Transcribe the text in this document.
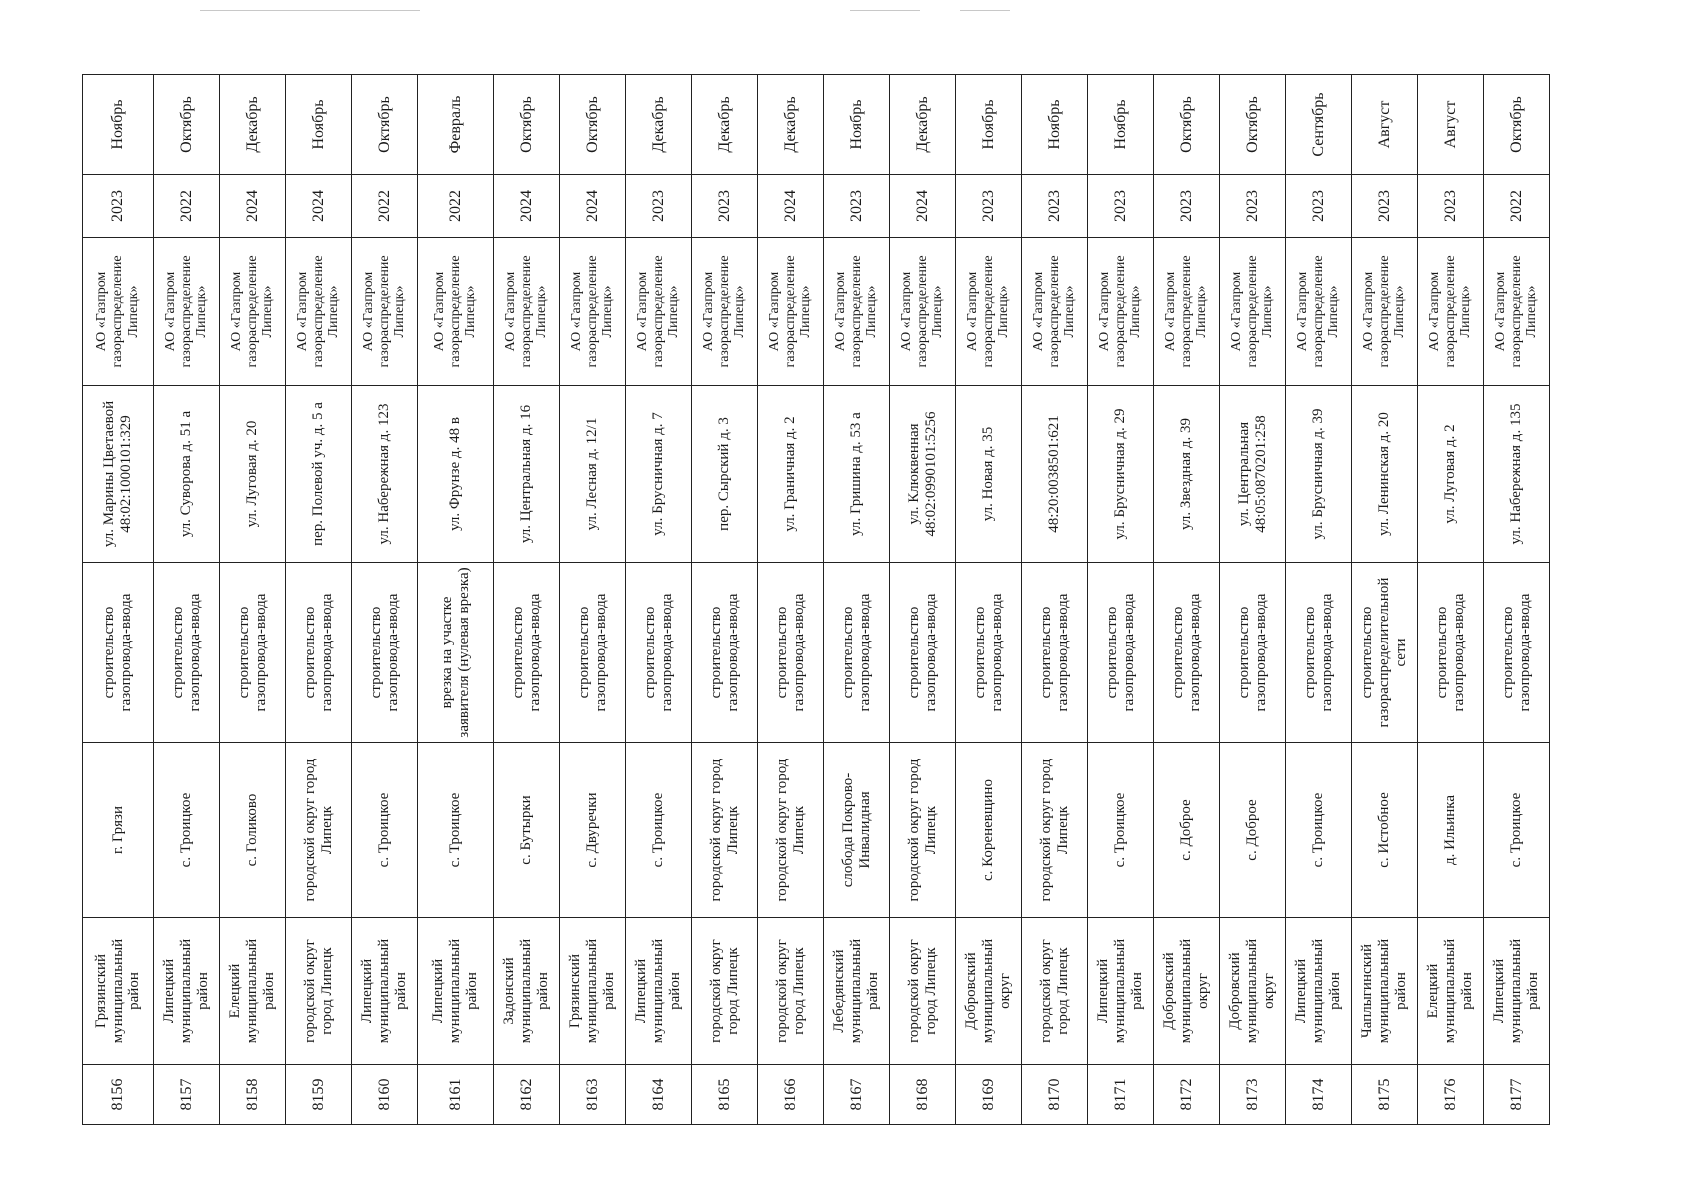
8156	Грязинский муниципальный район	г. Грязи	строительство газопровода-ввода	ул. Марины Цветаевой 48:02:1000101:329	АО «Газпром газораспределение Липецк»	2023	Ноябрь
8157	Липецкий муниципальный район	с. Троицкое	строительство газопровода-ввода	ул. Суворова д. 51 а	АО «Газпром газораспределение Липецк»	2022	Октябрь
8158	Елецкий муниципальный район	с. Голиково	строительство газопровода-ввода	ул. Луговая д. 20	АО «Газпром газораспределение Липецк»	2024	Декабрь
8159	городской округ город Липецк	городской округ город Липецк	строительство газопровода-ввода	пер. Полевой уч. д. 5 а	АО «Газпром газораспределение Липецк»	2024	Ноябрь
8160	Липецкий муниципальный район	с. Троицкое	строительство газопровода-ввода	ул. Набережная д. 123	АО «Газпром газораспределение Липецк»	2022	Октябрь
8161	Липецкий муниципальный район	с. Троицкое	врезка на участке заявителя (нулевая врезка)	ул. Фрунзе д. 48 в	АО «Газпром газораспределение Липецк»	2022	Февраль
8162	Задонский муниципальный район	с. Бутырки	строительство газопровода-ввода	ул. Центральная д. 16	АО «Газпром газораспределение Липецк»	2024	Октябрь
8163	Грязинский муниципальный район	с. Двуречки	строительство газопровода-ввода	ул. Лесная д. 12/1	АО «Газпром газораспределение Липецк»	2024	Октябрь
8164	Липецкий муниципальный район	с. Троицкое	строительство газопровода-ввода	ул. Брусничная д. 7	АО «Газпром газораспределение Липецк»	2023	Декабрь
8165	городской округ город Липецк	городской округ город Липецк	строительство газопровода-ввода	пер. Сырский д. 3	АО «Газпром газораспределение Липецк»	2023	Декабрь
8166	городской округ город Липецк	городской округ город Липецк	строительство газопровода-ввода	ул. Граничная д. 2	АО «Газпром газораспределение Липецк»	2024	Декабрь
8167	Лебедянский муниципальный район	слобода Покрово-Инвалидная	строительство газопровода-ввода	ул. Гришина д. 53 а	АО «Газпром газораспределение Липецк»	2023	Ноябрь
8168	городской округ город Липецк	городской округ город Липецк	строительство газопровода-ввода	ул. Клюквенная 48:02:0990101:5256	АО «Газпром газораспределение Липецк»	2024	Декабрь
8169	Добровский муниципальный округ	с. Кореневщино	строительство газопровода-ввода	ул. Новая д. 35	АО «Газпром газораспределение Липецк»	2023	Ноябрь
8170	городской округ город Липецк	городской округ город Липецк	строительство газопровода-ввода	48:20:0038501:621	АО «Газпром газораспределение Липецк»	2023	Ноябрь
8171	Липецкий муниципальный район	с. Троицкое	строительство газопровода-ввода	ул. Брусничная д. 29	АО «Газпром газораспределение Липецк»	2023	Ноябрь
8172	Добровский муниципальный округ	с. Доброе	строительство газопровода-ввода	ул. Звездная д. 39	АО «Газпром газораспределение Липецк»	2023	Октябрь
8173	Добровский муниципальный округ	с. Доброе	строительство газопровода-ввода	ул. Центральная 48:05:0870201:258	АО «Газпром газораспределение Липецк»	2023	Октябрь
8174	Липецкий муниципальный район	с. Троицкое	строительство газопровода-ввода	ул. Брусничная д. 39	АО «Газпром газораспределение Липецк»	2023	Сентябрь
8175	Чаплыгинский муниципальный район	с. Истобное	строительство газораспределительной сети	ул. Ленинская д. 20	АО «Газпром газораспределение Липецк»	2023	Август
8176	Елецкий муниципальный район	д. Ильинка	строительство газопровода-ввода	ул. Луговая д. 2	АО «Газпром газораспределение Липецк»	2023	Август
8177	Липецкий муниципальный район	с. Троицкое	строительство газопровода-ввода	ул. Набережная д. 135	АО «Газпром газораспределение Липецк»	2022	Октябрь
